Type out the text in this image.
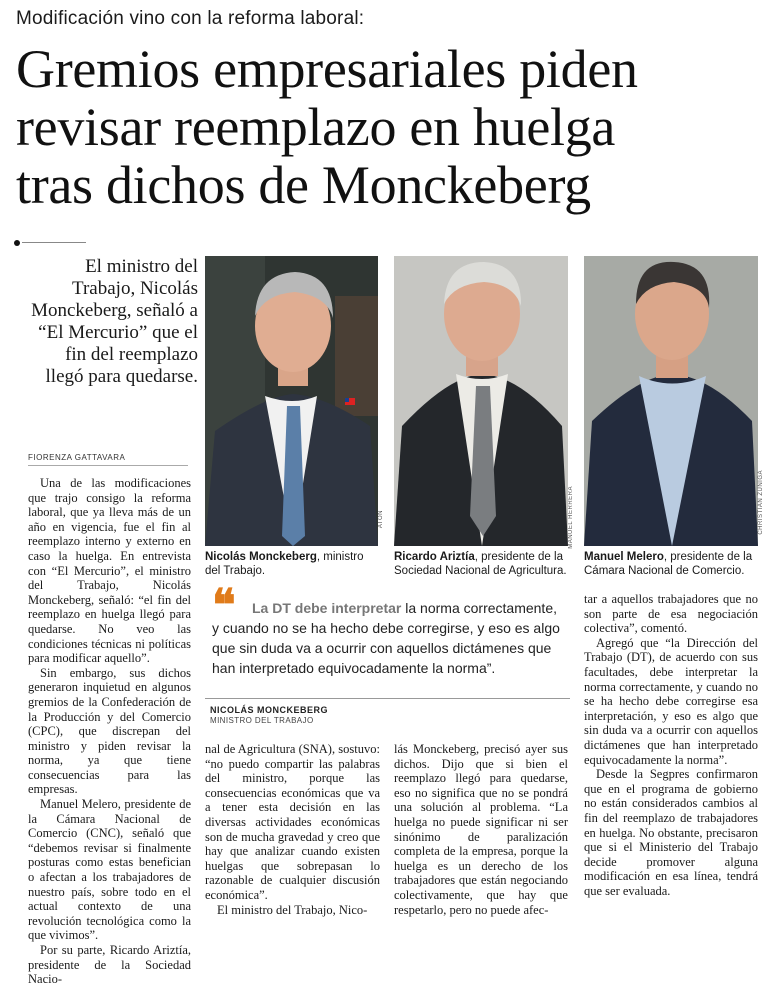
Modificación vino con la reforma laboral:
Gremios empresariales piden
revisar reemplazo en huelga
tras dichos de Monckeberg
El ministro del Trabajo, Nicolás Monckeberg, señaló a “El Mercurio” que el fin del reemplazo llegó para quedarse.
FIORENZA GATTAVARA
ATON	MANUEL HERRERA	CHRISTIAN ZÚÑIGA
Nicolás Monckeberg, ministro del Trabajo.
Ricardo Ariztía, presidente de la Sociedad Nacional de Agricultura.
Manuel Melero, presidente de la Cámara Nacional de Comercio.
❝	La DT debe interpretar la norma correctamente, y cuando no se ha hecho debe corregirse, y eso es algo que sin duda va a ocurrir con aquellos dictámenes que han interpretado equivocadamente la norma”.
NICOLÁS MONCKEBERG
MINISTRO DEL TRABAJO

Una de las modificaciones que trajo consigo la reforma laboral, que ya lleva más de un año en vigencia, fue el fin al reemplazo interno y externo en caso la huelga. En entrevista con “El Mercurio”, el ministro del Trabajo, Nicolás Monckeberg, señaló: “el fin del reemplazo en huelga llegó para quedarse. No veo las condiciones técnicas ni políticas para modificar aquello”.

Sin embargo, sus dichos generaron inquietud en algunos gremios de la Confederación de la Producción y del Comercio (CPC), que discrepan del ministro y piden revisar la norma, ya que tiene consecuencias para las empresas.

Manuel Melero, presidente de la Cámara Nacional de Comercio (CNC), señaló que “debemos revisar si finalmente posturas como estas benefician o afectan a los trabajadores de nuestro país, sobre todo en el actual contexto de una revolución tecnológica como la que vivimos”.

Por su parte, Ricardo Ariztía, presidente de la Sociedad Nacio-

nal de Agricultura (SNA), sostuvo: “no puedo compartir las palabras del ministro, porque las consecuencias económicas que va a tener esta decisión en las diversas actividades económicas son de mucha gravedad y creo que hay que analizar cuando existen huelgas que sobrepasan lo razonable de cualquier discusión económica”.

El ministro del Trabajo, Nico-

lás Monckeberg, precisó ayer sus dichos. Dijo que si bien el reemplazo llegó para quedarse, eso no significa que no se pondrá una solución al problema. “La huelga no puede significar ni ser sinónimo de paralización completa de la empresa, porque la huelga es un derecho de los trabajadores que están negociando colectivamente, que hay que respetarlo, pero no puede afec-

tar a aquellos trabajadores que no son parte de esa negociación colectiva”, comentó.

Agregó que “la Dirección del Trabajo (DT), de acuerdo con sus facultades, debe interpretar la norma correctamente, y cuando no se ha hecho debe corregirse esa interpretación, y eso es algo que sin duda va a ocurrir con aquellos dictámenes que han interpretado equivocadamente la norma”.

Desde la Segpres confirmaron que en el programa de gobierno no están considerados cambios al fin del reemplazo de trabajadores en huelga. No obstante, precisaron que si el Ministerio del Trabajo decide promover alguna modificación en esa línea, tendrá que ser evaluada.
